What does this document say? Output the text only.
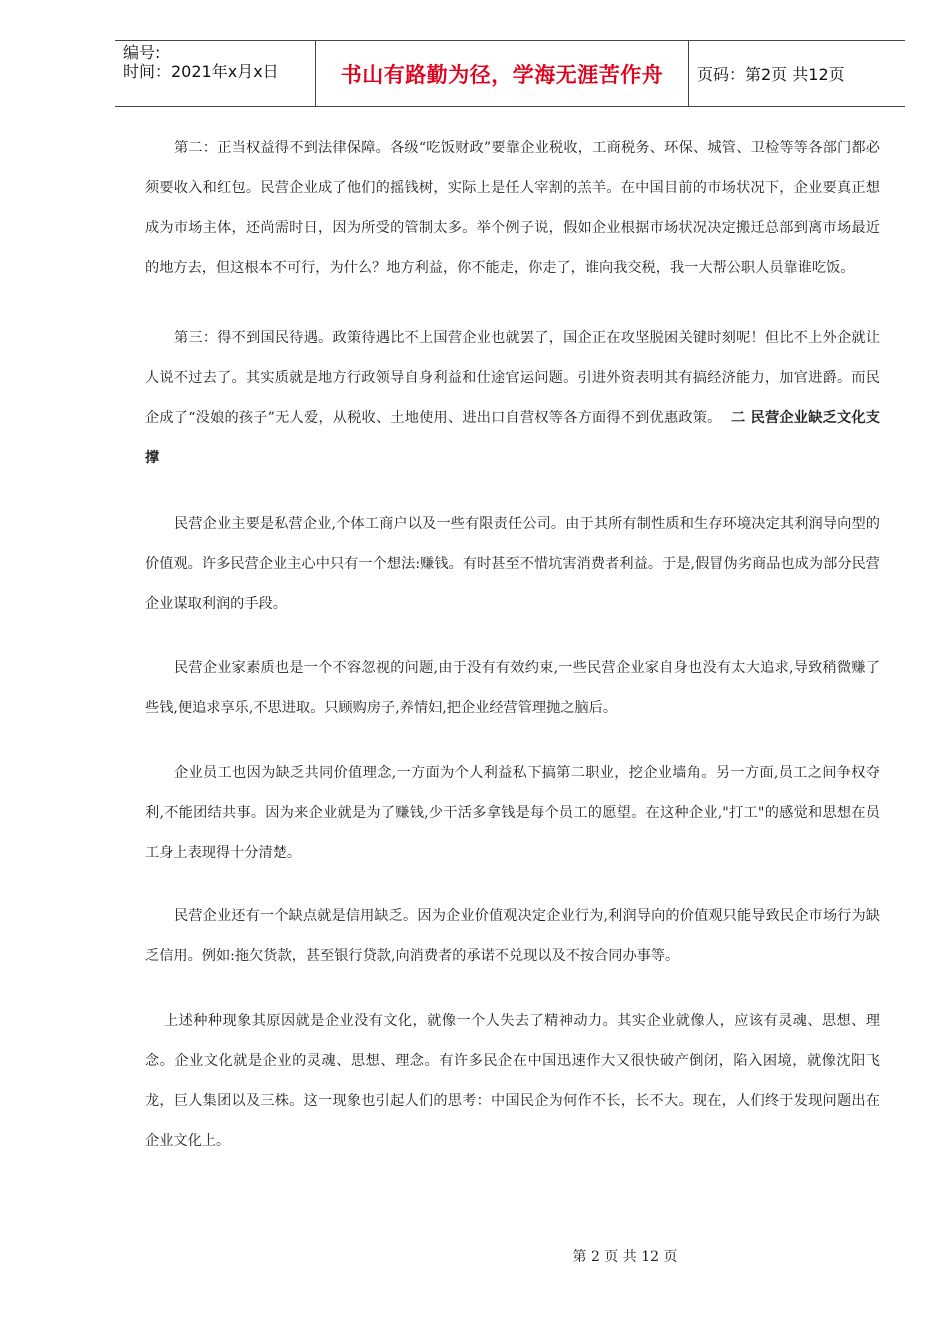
编号:
时间：2021年x月x日	书山有路勤为径，学海无涯苦作舟 页码：第2页 共12页

第二：正当权益得不到法律保障。各级“吃饭财政”要靠企业税收，工商税务、环保、城管、卫检等等各部门都必须要收入和红包。民营企业成了他们的摇钱树，实际上是任人宰割的羔羊。在中国目前的市场状况下，企业要真正想成为市场主体，还尚需时日，因为所受的管制太多。举个例子说，假如企业根据市场状况决定搬迁总部到离市场最近的地方去，但这根本不可行，为什么？地方利益，你不能走，你走了，谁向我交税，我一大帮公职人员靠谁吃饭。

第三：得不到国民待遇。政策待遇比不上国营企业也就罢了，国企正在攻坚脱困关键时刻呢！但比不上外企就让人说不过去了。其实质就是地方行政领导自身利益和仕途官运问题。引进外资表明其有搞经济能力，加官进爵。而民企成了“没娘的孩子”无人爱，从税收、土地使用、进出口自营权等各方面得不到优惠政策。 二 民营企业缺乏文化支撑

民营企业主要是私营企业,个体工商户以及一些有限责任公司。由于其所有制性质和生存环境决定其利润导向型的价值观。许多民营企业主心中只有一个想法:赚钱。有时甚至不惜坑害消费者利益。于是,假冒伪劣商品也成为部分民营企业谋取利润的手段。

民营企业家素质也是一个不容忽视的问题,由于没有有效约束,一些民营企业家自身也没有太大追求,导致稍微赚了些钱,便追求享乐,不思进取。只顾购房子,养情妇,把企业经营管理抛之脑后。

企业员工也因为缺乏共同价值理念,一方面为个人利益私下搞第二职业，挖企业墙角。另一方面,员工之间争权夺利,不能团结共事。因为来企业就是为了赚钱,少干活多拿钱是每个员工的愿望。在这种企业,"打工"的感觉和思想在员工身上表现得十分清楚。

民营企业还有一个缺点就是信用缺乏。因为企业价值观决定企业行为,利润导向的价值观只能导致民企市场行为缺乏信用。例如:拖欠货款，甚至银行贷款,向消费者的承诺不兑现以及不按合同办事等。

上述种种现象其原因就是企业没有文化，就像一个人失去了精神动力。其实企业就像人，应该有灵魂、思想、理念。企业文化就是企业的灵魂、思想、理念。有许多民企在中国迅速作大又很快破产倒闭，陷入困境，就像沈阳飞龙，巨人集团以及三株。这一现象也引起人们的思考：中国民企为何作不长，长不大。现在，人们终于发现问题出在企业文化上。

第 2 页 共 12 页
